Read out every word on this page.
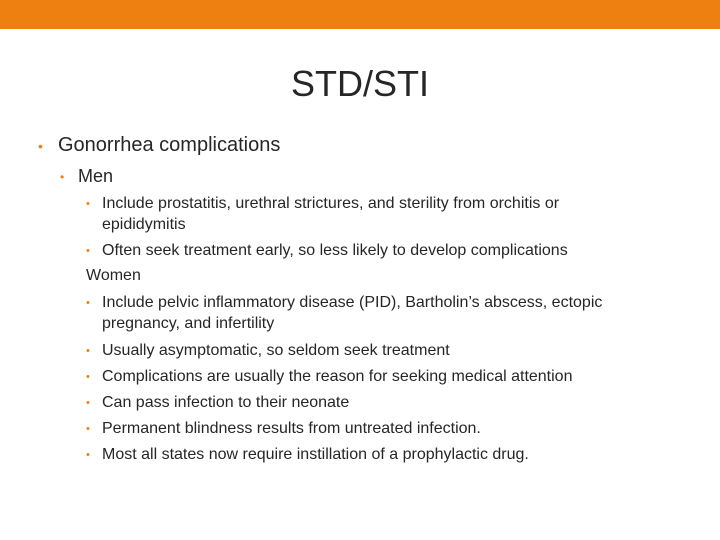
STD/STI
• Gonorrhea complications
• Men
• Include prostatitis, urethral strictures, and sterility from orchitis or
epididymitis
• Often seek treatment early, so less likely to develop complications
Women
• Include pelvic inflammatory disease (PID), Bartholin’s abscess, ectopic
pregnancy, and infertility
• Usually asymptomatic, so seldom seek treatment
• Complications are usually the reason for seeking medical attention
• Can pass infection to their neonate
• Permanent blindness results from untreated infection.
• Most all states now require instillation of a prophylactic drug.
